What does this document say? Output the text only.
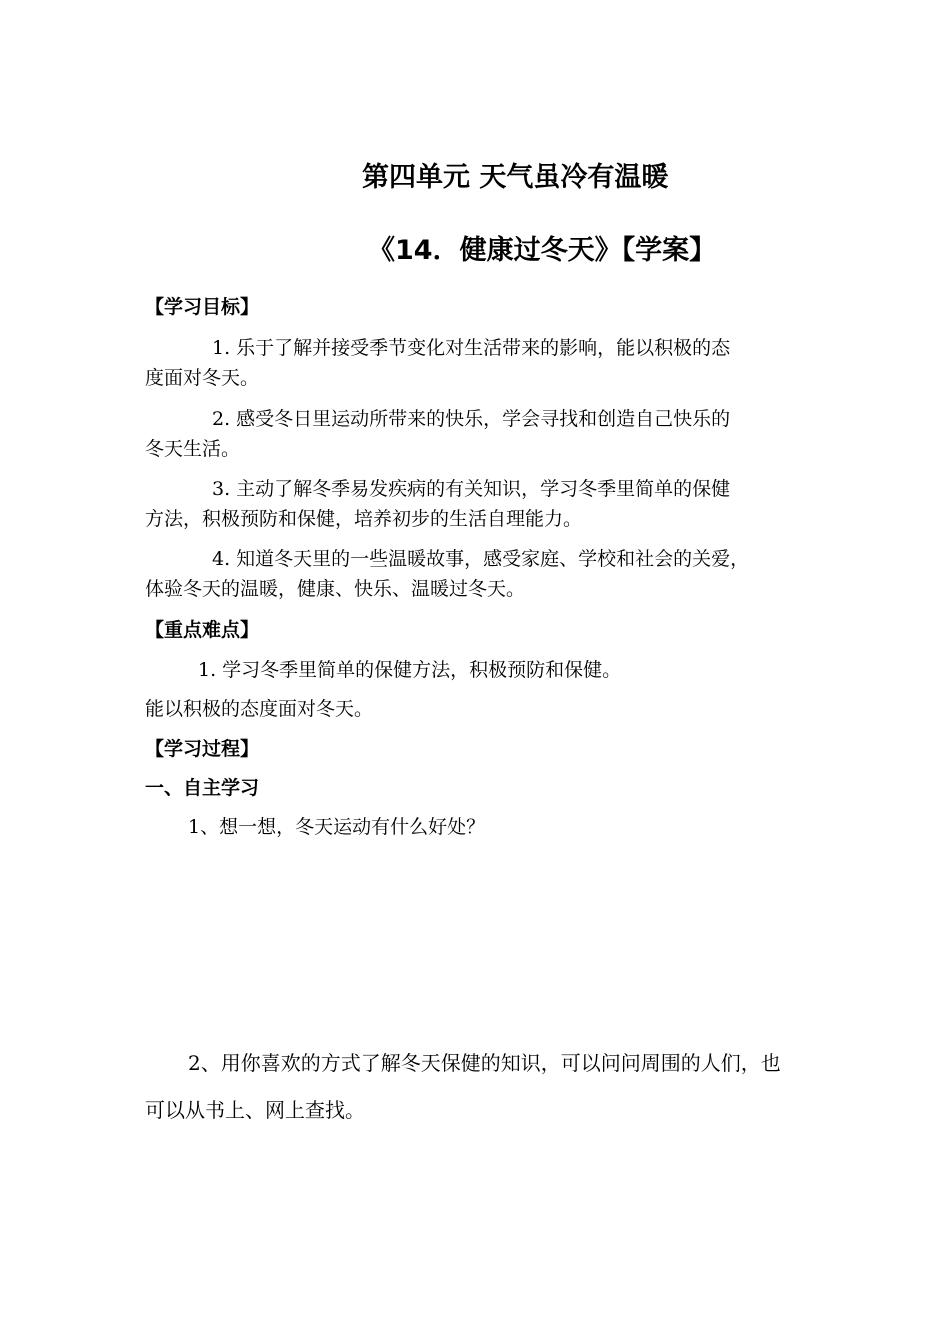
第四单元 天气虽冷有温暖
《14．健康过冬天》【学案】
【学习目标】
1. 乐于了解并接受季节变化对生活带来的影响，能以积极的态
度面对冬天。
2. 感受冬日里运动所带来的快乐，学会寻找和创造自己快乐的
冬天生活。
3. 主动了解冬季易发疾病的有关知识，学习冬季里简单的保健
方法，积极预防和保健，培养初步的生活自理能力。
4. 知道冬天里的一些温暖故事，感受家庭、学校和社会的关爱，
体验冬天的温暖，健康、快乐、温暖过冬天。
【重点难点】
1. 学习冬季里简单的保健方法，积极预防和保健。
能以积极的态度面对冬天。
【学习过程】
一、自主学习
1、想一想，冬天运动有什么好处？
2、用你喜欢的方式了解冬天保健的知识，可以问问周围的人们，也
可以从书上、网上查找。
